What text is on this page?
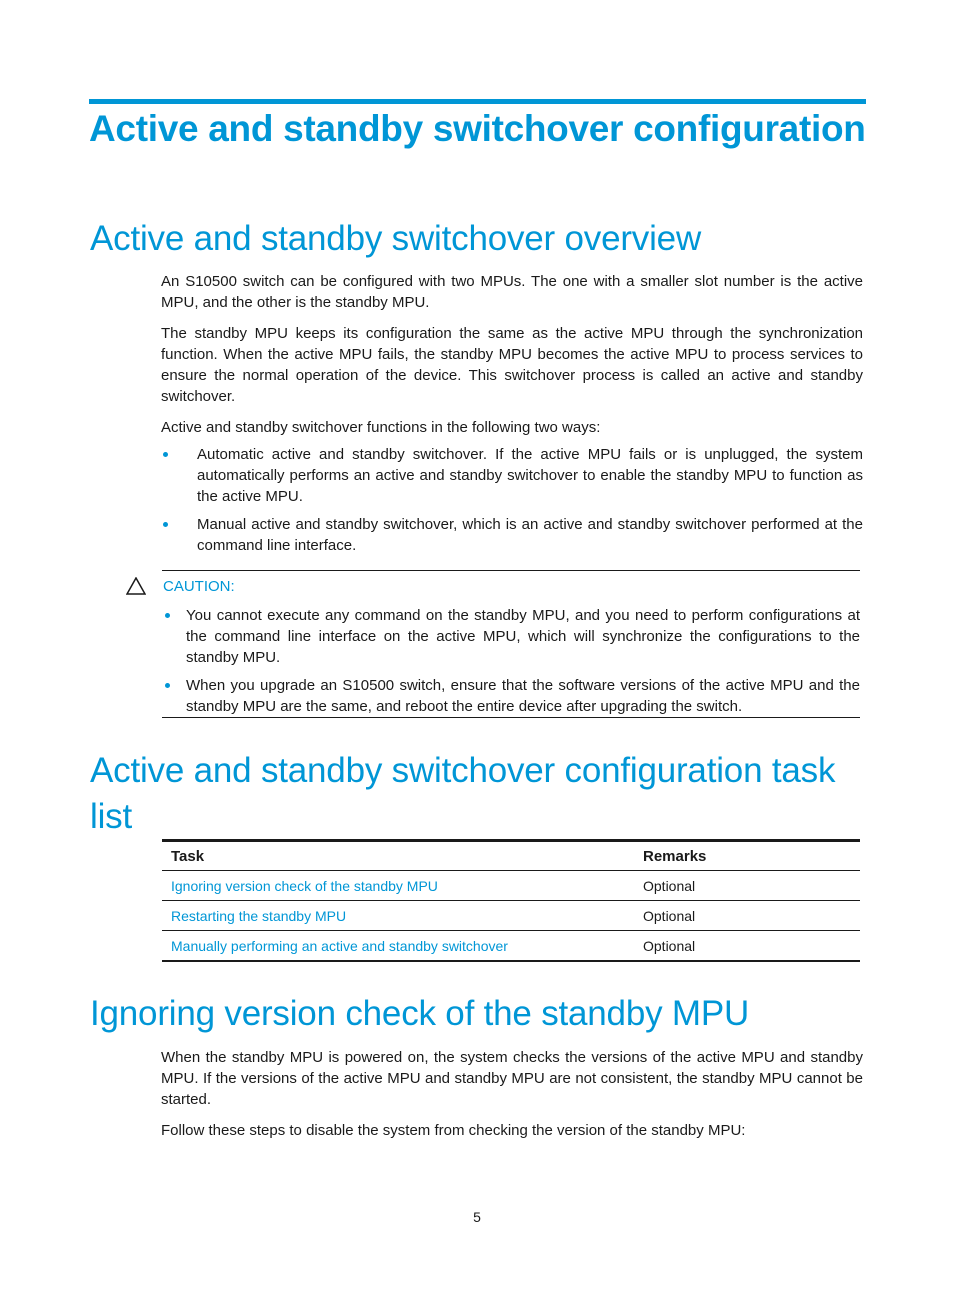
Active and standby switchover configuration
Active and standby switchover overview

An S10500 switch can be configured with two MPUs. The one with a smaller slot number is the active MPU, and the other is the standby MPU.

The standby MPU keeps its configuration the same as the active MPU through the synchronization function. When the active MPU fails, the standby MPU becomes the active MPU to process services to ensure the normal operation of the device. This switchover process is called an active and standby switchover.

Active and standby switchover functions in the following two ways:

Automatic active and standby switchover. If the active MPU fails or is unplugged, the system automatically performs an active and standby switchover to enable the standby MPU to function as the active MPU.

Manual active and standby switchover, which is an active and standby switchover performed at the command line interface.

CAUTION:

You cannot execute any command on the standby MPU, and you need to perform configurations at the command line interface on the active MPU, which will synchronize the configurations to the standby MPU.

When you upgrade an S10500 switch, ensure that the software versions of the active MPU and the standby MPU are the same, and reboot the entire device after upgrading the switch.

Active and standby switchover configuration task list
Task	Remarks
Ignoring version check of the standby MPU	Optional
Restarting the standby MPU	Optional
Manually performing an active and standby switchover	Optional
Ignoring version check of the standby MPU

When the standby MPU is powered on, the system checks the versions of the active MPU and standby MPU. If the versions of the active MPU and standby MPU are not consistent, the standby MPU cannot be started.

Follow these steps to disable the system from checking the version of the standby MPU:

5
